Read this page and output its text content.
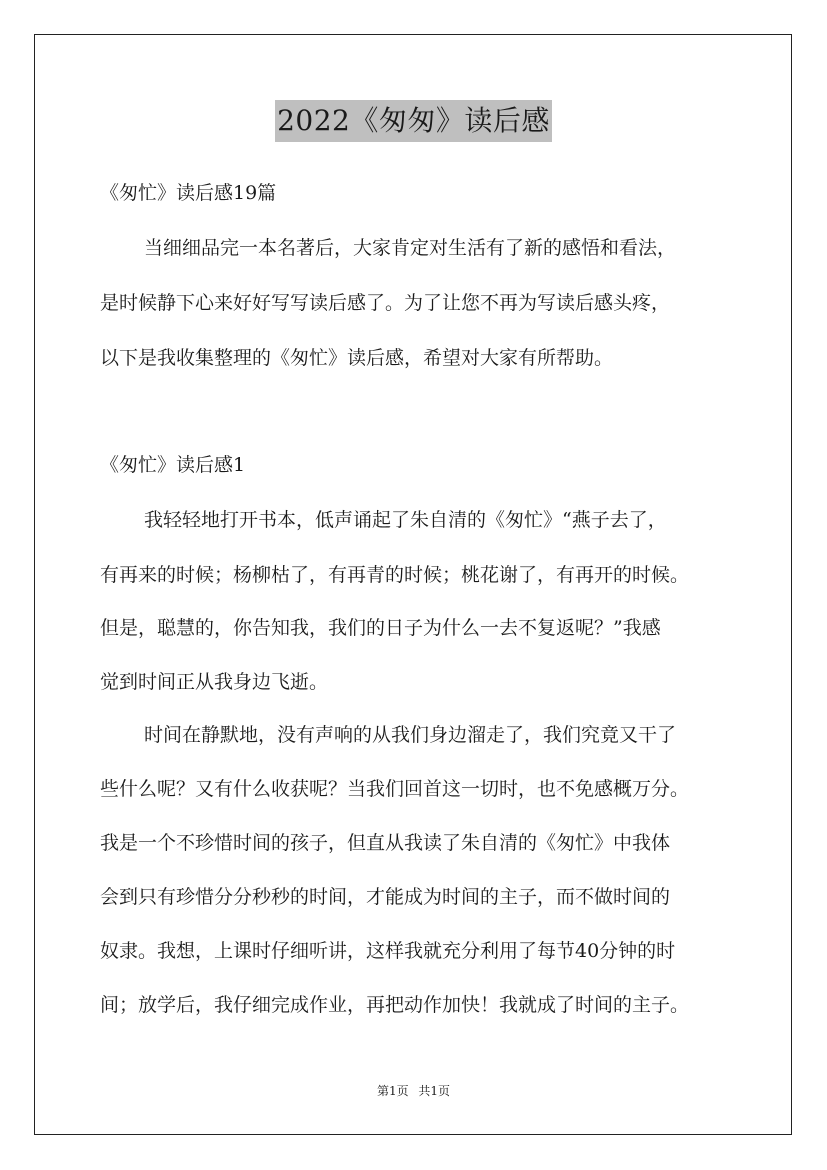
2022《匆匆》读后感
《匆忙》读后感19篇
当细细品完一本名著后，大家肯定对生活有了新的感悟和看法，
是时候静下心来好好写写读后感了。为了让您不再为写读后感头疼，
以下是我收集整理的《匆忙》读后感，希望对大家有所帮助。
《匆忙》读后感1
我轻轻地打开书本，低声诵起了朱自清的《匆忙》“燕子去了，
有再来的时候；杨柳枯了，有再青的时候；桃花谢了，有再开的时候。
但是，聪慧的，你告知我，我们的日子为什么一去不复返呢？”我感
觉到时间正从我身边飞逝。
时间在静默地，没有声响的从我们身边溜走了，我们究竟又干了
些什么呢？又有什么收获呢？当我们回首这一切时，也不免感概万分。
我是一个不珍惜时间的孩子，但直从我读了朱自清的《匆忙》中我体
会到只有珍惜分分秒秒的时间，才能成为时间的主子，而不做时间的
奴隶。我想，上课时仔细听讲，这样我就充分利用了每节40分钟的时
间；放学后，我仔细完成作业，再把动作加快！我就成了时间的主子。
第1页 共1页
